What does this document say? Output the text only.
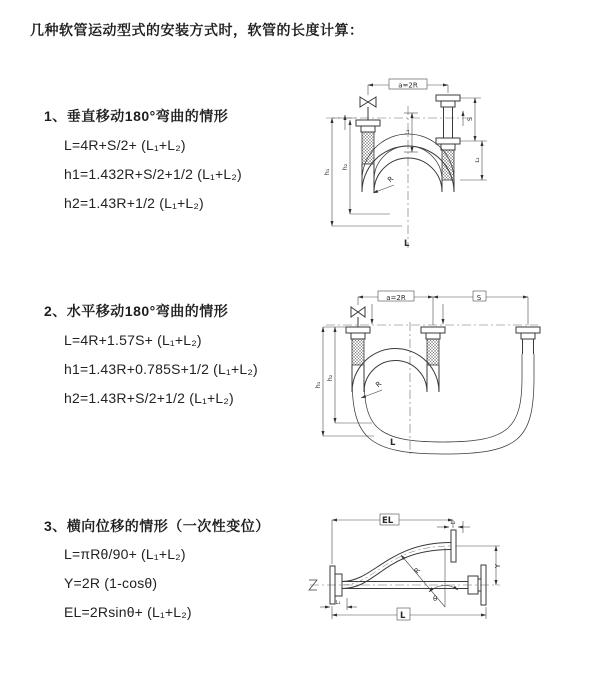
几种软管运动型式的安装方式时，软管的长度计算：
1、垂直移动180°弯曲的情形
L=4R+S/2+ (L₁+L₂)
h1=1.432R+S/2+1/2 (L₁+L₂)
h2=1.43R+1/2 (L₁+L₂)
2、水平移动180°弯曲的情形
L=4R+1.57S+ (L₁+L₂)
h1=1.43R+0.785S+1/2 (L₁+L₂)
h2=1.43R+S/2+1/2 (L₁+L₂)
3、横向位移的情形（一次性变位）
L=πRθ/90+ (L₁+L₂)
Y=2R (1-cosθ)
EL=2Rsinθ+ (L₁+L₂)
a=2R
h₁
h₂
L₁
S
L₂
R
L
a=2R	S
h₁
h₂
R
L
EL	L₂
Y
R
θ
L
L₁
